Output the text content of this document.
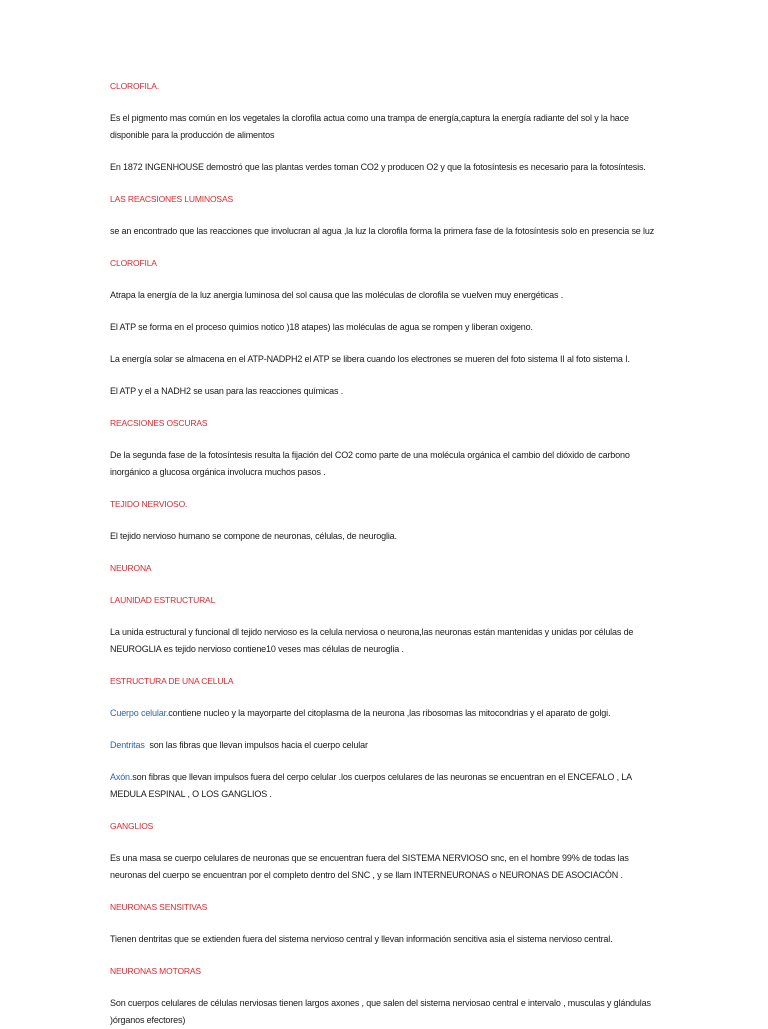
CLOROFILA.
Es el pigmento mas común en los vegetales la clorofila actua como una trampa de energía,captura la energía radiante del sol y la hace disponible para la producción de alimentos
En 1872 INGENHOUSE demostró que las plantas verdes toman CO2 y producen O2 y que la fotosíntesis es necesario para la fotosíntesis.
LAS REACSIONES LUMINOSAS
se an encontrado que las reacciones que involucran al agua ,la luz la clorofila forma la primera fase de la fotosíntesis solo en presencia se luz
CLOROFILA
Atrapa la energía de la luz anergia luminosa del sol causa que las moléculas de clorofila se vuelven muy energéticas .
El ATP se forma en el proceso quimios notico )18 atapes) las moléculas de agua se rompen y liberan oxigeno.
La energía solar se almacena en el ATP-NADPH2 el ATP se libera cuando los electrones se mueren del foto sistema II al foto sistema I.
El ATP y el a NADH2 se usan para las reacciones químicas .
REACSIONES OSCURAS
De la segunda fase de la fotosíntesis resulta la fijación del CO2 como parte de una molécula orgánica el cambio del dióxido de carbono inorgánico a glucosa orgánica involucra muchos pasos .
TEJIDO NERVIOSO.
El tejido nervioso humano se compone de neuronas, células, de neuroglia.
NEURONA
LAUNIDAD ESTRUCTURAL
La unida estructural y funcional dl tejido nervioso es la celula nerviosa o neurona,las neuronas están mantenidas y unidas por células de NEUROGLIA es tejido nervioso contiene10 veses mas células de neuroglia .
ESTRUCTURA DE UNA CELULA
Cuerpo celular.contiene nucleo y la mayorparte del citoplasma de la neurona ,las ribosomas las mitocondrias y el aparato de golgi.
Dentritas  son las fibras que llevan impulsos hacia el cuerpo celular
Axón.son fibras que llevan impulsos fuera del cerpo celular .los cuerpos celulares de las neuronas se encuentran en el ENCEFALO , LA MEDULA ESPINAL , O LOS GANGLIOS .
GANGLIOS
Es una masa se cuerpo celulares de neuronas que se encuentran fuera del SISTEMA NERVIOSO snc, en el hombre 99% de todas las neuronas del cuerpo se encuentran por el completo dentro del SNC , y se llam INTERNEURONAS o NEURONAS DE ASOCIACÓN .
NEURONAS SENSITIVAS
Tienen dentritas que se extienden fuera del sistema nervioso central y llevan información sencitiva asia el sistema nervioso central.
NEURONAS MOTORAS
Son cuerpos celulares de células nerviosas tienen largos axones , que salen del sistema nerviosao central e intervalo , musculas y glándulas )órganos efectores)
